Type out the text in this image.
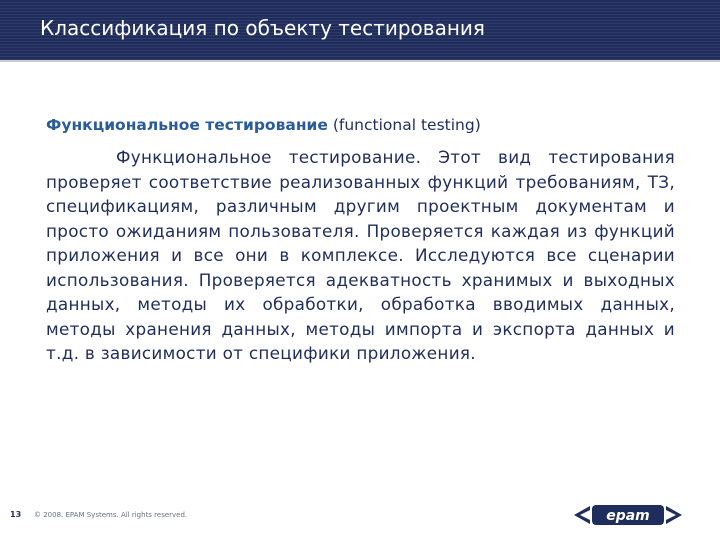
Классификация по объекту тестирования

Функциональное тестирование (functional testing)

Функциональное тестирование. Этот вид тестирования проверяет соответствие реализованных функций требованиям, ТЗ, спецификациям, различным другим проектным документам и просто ожиданиям пользователя. Проверяется каждая из функций приложения и все они в комплексе. Исследуются все сценарии использования. Проверяется адекватность хранимых и выходных данных, методы их обработки, обработка вводимых данных, методы хранения данных, методы импорта и экспорта данных и т.д. в зависимости от специфики приложения.

13 © 2008. EPAM Systems. All rights reserved.	epam
